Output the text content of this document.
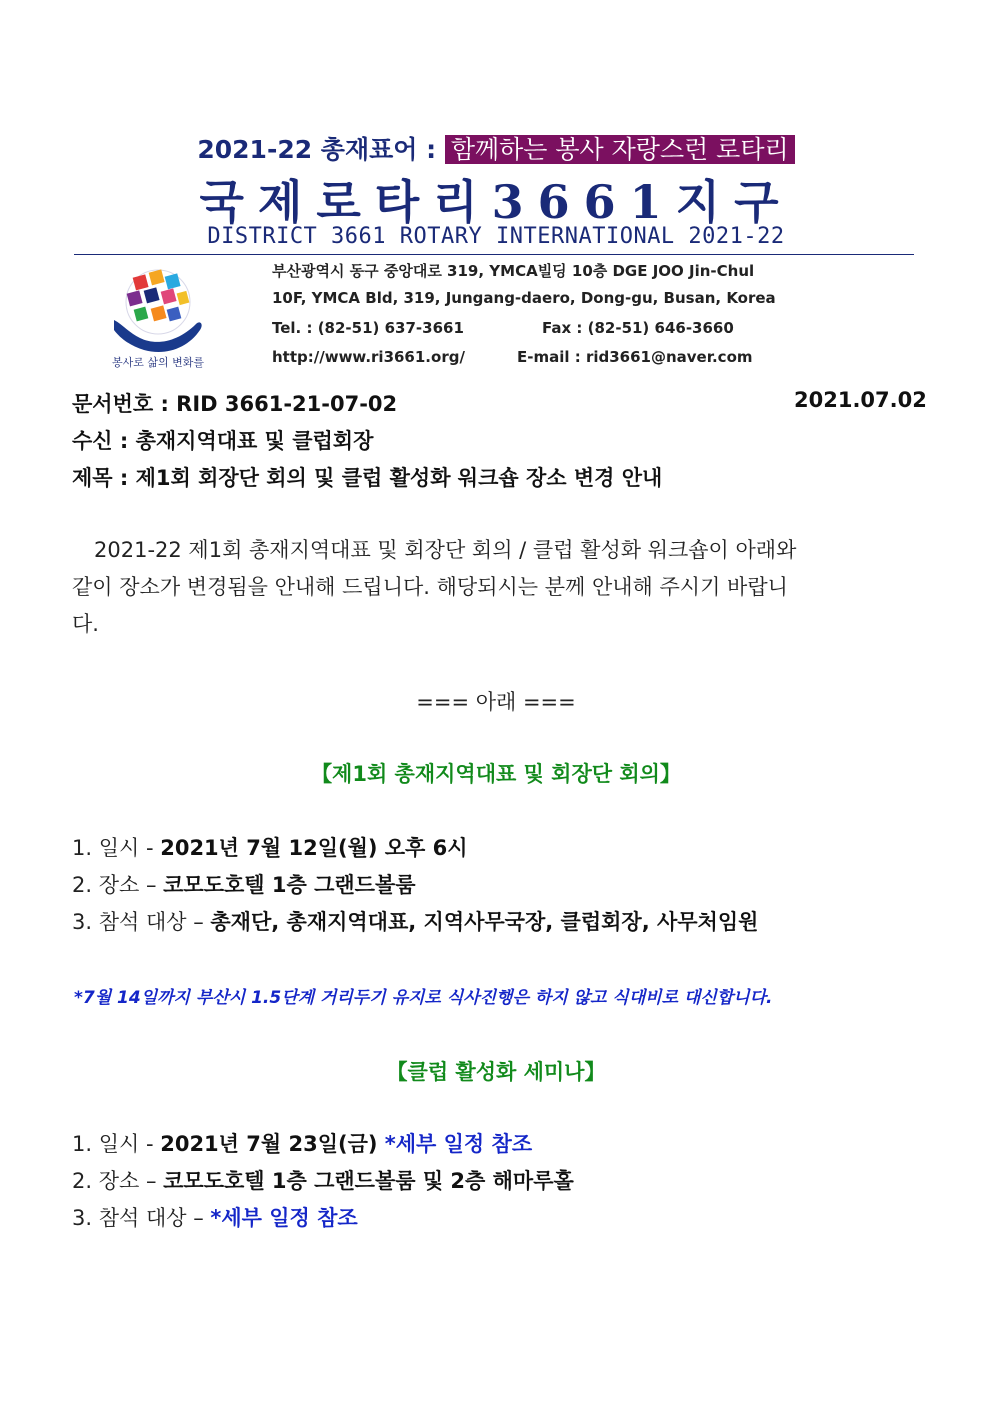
2021-22 총재표어 : 함께하는 봉사 자랑스런 로타리
국제로타리3661지구
DISTRICT 3661 ROTARY INTERNATIONAL 2021-22
봉사로 삶의 변화를
부산광역시 동구 중앙대로 319, YMCA빌딩 10층 DGE JOO Jin-Chul
10F, YMCA Bld, 319, Jungang-daero, Dong-gu, Busan, Korea
Tel. : (82-51) 637-3661	Fax : (82-51) 646-3660
http://www.ri3661.org/	E-mail : rid3661@naver.com
문서번호 : RID 3661-21-07-02	2021.07.02
수신 : 총재지역대표 및 클럽회장
제목 : 제1회 회장단 회의 및 클럽 활성화 워크숍 장소 변경 안내
2021-22 제1회 총재지역대표 및 회장단 회의 / 클럽 활성화 워크숍이 아래와
같이 장소가 변경됨을 안내해 드립니다. 해당되시는 분께 안내해 주시기 바랍니
다.
=== 아래 ===
【제1회 총재지역대표 및 회장단 회의】
1. 일시 - 2021년 7월 12일(월) 오후 6시
2. 장소 – 코모도호텔 1층 그랜드볼룸
3. 참석 대상 – 총재단, 총재지역대표, 지역사무국장, 클럽회장, 사무처임원
*7월 14일까지 부산시 1.5단계 거리두기 유지로 식사진행은 하지 않고 식대비로 대신합니다.
【클럽 활성화 세미나】
1. 일시 - 2021년 7월 23일(금) *세부 일정 참조
2. 장소 – 코모도호텔 1층 그랜드볼룸 및 2층 해마루홀
3. 참석 대상 – *세부 일정 참조
